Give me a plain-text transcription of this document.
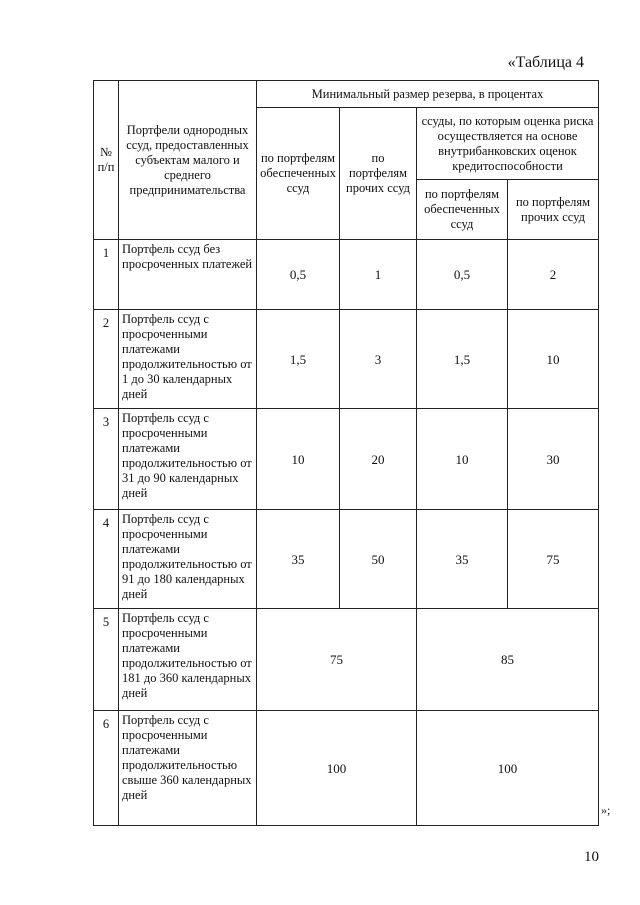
«Таблица 4
№ п/п	Портфели однородных ссуд, предоставленных субъектам малого и среднего предпринимательства	Минимальный размер резерва, в процентах			
		по портфелям обеспеченных ссуд	по портфелям прочих ссуд	ссуды, по которым оценка риска осуществляется на основе внутрибанковских оценок кредитоспособности	
				по портфелям обеспеченных ссуд	по портфелям прочих ссуд
1	Портфель ссуд без просроченных платежей	0,5	1	0,5	2
2	Портфель ссуд с просроченными платежами продолжительностью от 1 до 30 календарных дней	1,5	3	1,5	10
3	Портфель ссуд с просроченными платежами продолжительностью от 31 до 90 календарных дней	10	20	10	30
4	Портфель ссуд с просроченными платежами продолжительностью от 91 до 180 календарных дней	35	50	35	75
5	Портфель ссуд с просроченными платежами продолжительностью от 181 до 360 календарных дней	75		85	
6	Портфель ссуд с просроченными платежами продолжительностью свыше 360 календарных дней	100		100	
»;
10
